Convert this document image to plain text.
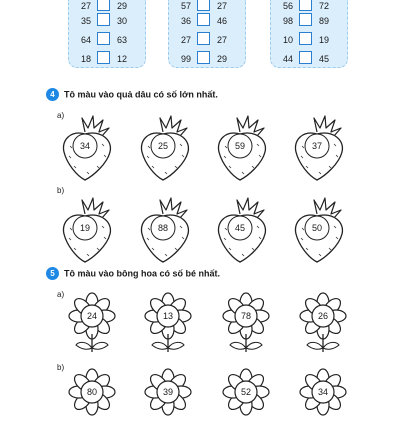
27	29
35	30
64	63
18	12
57	27
36	46
27	27
99	29
56	72
98	89
10	19
44	45
4 Tô màu vào quả dâu có số lớn nhất.
a)
b)
34	25	59	37
19	88	45	50
5 Tô màu vào bông hoa có số bé nhất.
a)
b)
24	13	78	26
80	39	52	34
